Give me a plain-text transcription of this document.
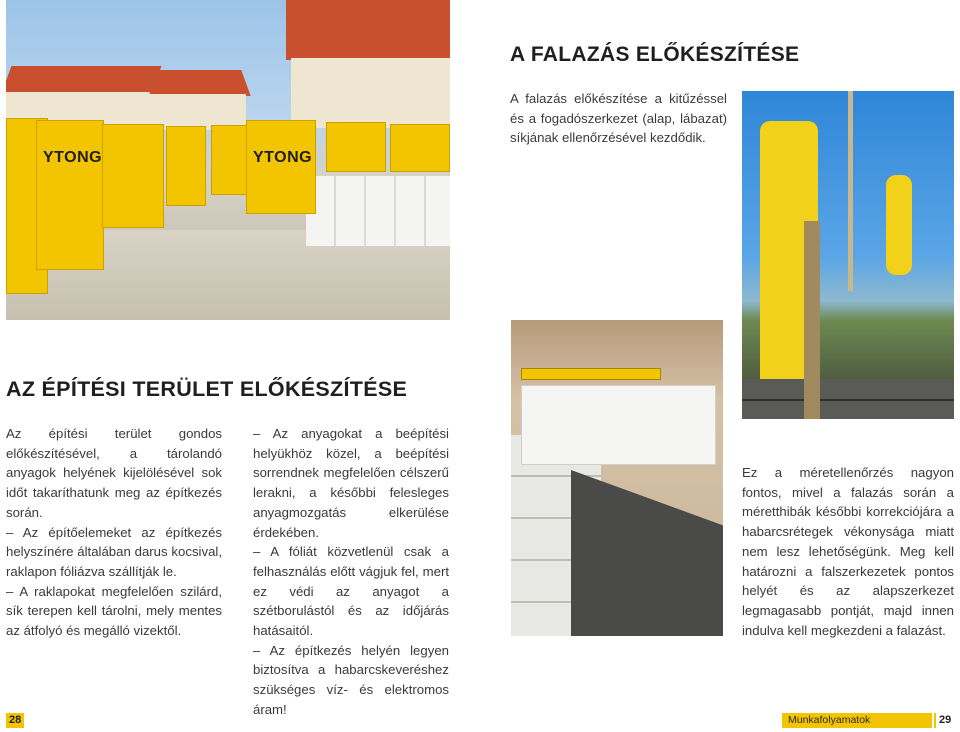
YTONG	YTONG
A FALAZÁS ELŐKÉSZÍTÉSE

A falazás előkészítése a kitűzéssel és a fogadószerkezet (alap, lábazat) síkjának ellenőrzésével kezdődik.

AZ ÉPÍTÉSI TERÜLET ELŐKÉSZÍTÉSE
Az építési terület gondos előkészítésével, a tárolandó anyagok helyének kijelölésével sok időt takaríthatunk meg az építkezés során.
– Az építőelemeket az építkezés helyszínére általában darus kocsival, raklapon fóliázva szállítják le.
– A raklapokat megfelelően szilárd, sík terepen kell tárolni, mely mentes az átfolyó és megálló vizektől.
– Az anyagokat a beépítési helyükhöz közel, a beépítési sorrendnek megfelelően célszerű lerakni, a későbbi felesleges anyagmozgatás elkerülése érdekében.
– A fóliát közvetlenül csak a felhasználás előtt vágjuk fel, mert ez védi az anyagot a szétborulástól és az időjárás hatásaitól.
– Az építkezés helyén legyen biztosítva a habarcskeveréshez szükséges víz- és elektromos áram!

Ez a méretellenőrzés nagyon fontos, mivel a falazás során a méretthibák későbbi korrekciójára a habarcsrétegek vékonysága miatt nem lesz lehetőségünk. Meg kell határozni a falszerkezetek pontos helyét és az alapszerkezet legmagasabb pontját, majd innen indulva kell megkezdeni a falazást.

28	Munkafolyamatok	29
